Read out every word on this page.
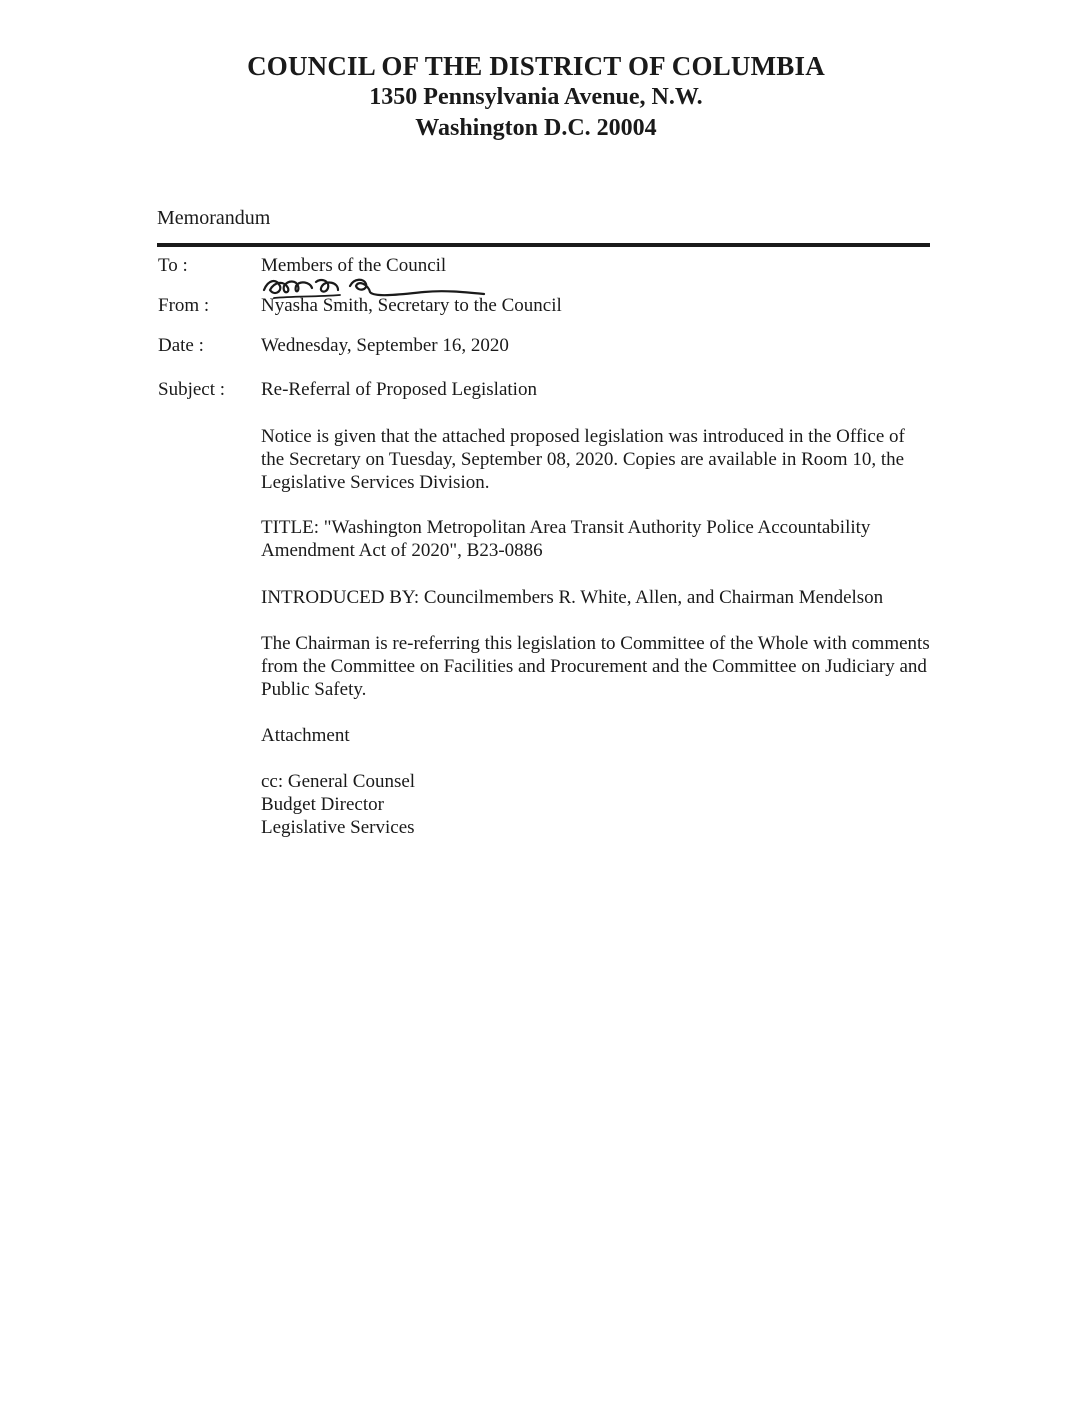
COUNCIL OF THE DISTRICT OF COLUMBIA
1350 Pennsylvania Avenue, N.W.
Washington D.C. 20004
Memorandum
To :	Members of the Council
From :	Nyasha Smith, Secretary to the Council
Date :	Wednesday, September 16, 2020
Subject : Re-Referral of Proposed Legislation

Notice is given that the attached proposed legislation was introduced in the Office of the Secretary on Tuesday, September 08, 2020. Copies are available in Room 10, the Legislative Services Division.

TITLE: "Washington Metropolitan Area Transit Authority Police Accountability Amendment Act of 2020", B23-0886

INTRODUCED BY: Councilmembers R. White, Allen, and Chairman Mendelson

The Chairman is re-referring this legislation to Committee of the Whole with comments from the Committee on Facilities and Procurement and the Committee on Judiciary and Public Safety.

Attachment

cc: General Counsel
Budget Director
Legislative Services
